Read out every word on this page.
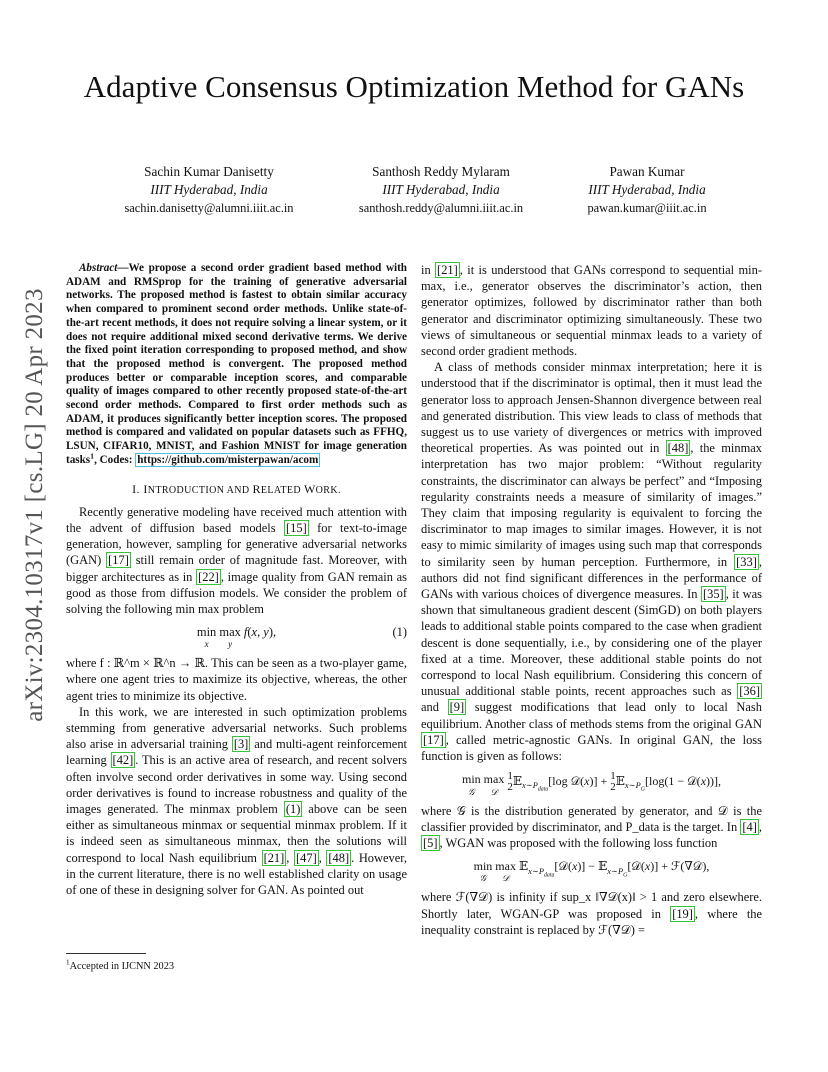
Adaptive Consensus Optimization Method for GANs
Sachin Kumar Danisetty
IIIT Hyderabad, India
sachin.danisetty@alumni.iiit.ac.in
Santhosh Reddy Mylaram
IIIT Hyderabad, India
santhosh.reddy@alumni.iiit.ac.in
Pawan Kumar
IIIT Hyderabad, India
pawan.kumar@iiit.ac.in
arXiv:2304.10317v1 [cs.LG] 20 Apr 2023

Abstract—We propose a second order gradient based method with ADAM and RMSprop for the training of generative adversarial networks. The proposed method is fastest to obtain similar accuracy when compared to prominent second order methods. Unlike state-of-the-art recent methods, it does not require solving a linear system, or it does not require additional mixed second derivative terms. We derive the fixed point iteration corresponding to proposed method, and show that the proposed method is convergent. The proposed method produces better or comparable inception scores, and comparable quality of images compared to other recently proposed state-of-the-art second order methods. Compared to first order methods such as ADAM, it produces significantly better inception scores. The proposed method is compared and validated on popular datasets such as FFHQ, LSUN, CIFAR10, MNIST, and Fashion MNIST for image generation tasks$^1$, Codes: https://github.com/misterpawan/acom

I. INTRODUCTION AND RELATED WORK.

Recently generative modeling have received much attention with the advent of diffusion based models [15] for text-to-image generation, however, sampling for generative adversarial networks (GAN) [17] still remain order of magnitude fast. Moreover, with bigger architectures as in [22] , image quality from GAN remain as good as those from diffusion models. We consider the problem of solving the following min max problem

min

x
max

y
f(x, y),	(1)

where f : ℝ^m × ℝ^n → ℝ. This can be seen as a two-player game, where one agent tries to maximize its objective, whereas, the other agent tries to minimize its objective.

In this work, we are interested in such optimization problems stemming from generative adversarial networks. Such problems also arise in adversarial training [3] and multi-agent reinforcement learning [42] . This is an active area of research, and recent solvers often involve second order derivatives in some way. Using second order derivatives is found to increase robustness and quality of the images generated. The minmax problem (1) above can be seen either as simultaneous minmax or sequential minmax problem. If it is indeed seen as simultaneous minmax, then the solutions will correspond to local Nash equilibrium [21] , [47] , [48] . However, in the current literature, there is no well established clarity on usage of one of these in designing solver for GAN. As pointed out

in [21] , it is understood that GANs correspond to sequential min-max, i.e., generator observes the discriminator’s action, then generator optimizes, followed by discriminator rather than both generator and discriminator optimizing simultaneously. These two views of simultaneous or sequential minmax leads to a variety of second order gradient methods.

A class of methods consider minmax interpretation; here it is understood that if the discriminator is optimal, then it must lead the generator loss to approach Jensen-Shannon divergence between real and generated distribution. This view leads to class of methods that suggest us to use variety of divergences or metrics with improved theoretical properties. As was pointed out in [48] , the minmax interpretation has two major problem: “Without regularity constraints, the discriminator can always be perfect” and “Imposing regularity constraints needs a measure of similarity of images.” They claim that imposing regularity is equivalent to forcing the discriminator to map images to similar images. However, it is not easy to mimic similarity of images using such map that corresponds to similarity seen by human perception. Furthermore, in [33] , authors did not find significant differences in the performance of GANs with various choices of divergence measures. In [35] , it was shown that simultaneous gradient descent (SimGD) on both players leads to additional stable points compared to the case when gradient descent is done sequentially, i.e., by considering one of the player fixed at a time. Moreover, these additional stable points do not correspond to local Nash equilibrium. Considering this concern of unusual additional stable points, recent approaches such as [36] and [9] suggest modifications that lead only to local Nash equilibrium. Another class of methods stems from the original GAN [17] , called metric-agnostic GANs. In original GAN, the loss function is given as follows:

min

𝒢
max

𝒟
1
2𝔼$_{x\sim P_{data}}$[log 𝒟(x)] + 1
2𝔼$_{x\sim P_G}$[log(1 − 𝒟(x))],

where 𝒢 is the distribution generated by generator, and 𝒟 is the classifier provided by discriminator, and P_data is the target. In [4] , [5] , WGAN was proposed with the following loss function

min

𝒢
max

𝒟
𝔼$_{x\sim P_{data}}$[𝒟(x)] − 𝔼$_{x\sim P_G}$[𝒟(x)] + ℱ(∇𝒟),

where ℱ(∇𝒟) is infinity if sup_x ‖∇𝒟(x)‖ > 1 and zero elsewhere. Shortly later, WGAN-GP was proposed in [19] , where the inequality constraint is replaced by ℱ(∇𝒟) =

$^1$Accepted in IJCNN 2023
